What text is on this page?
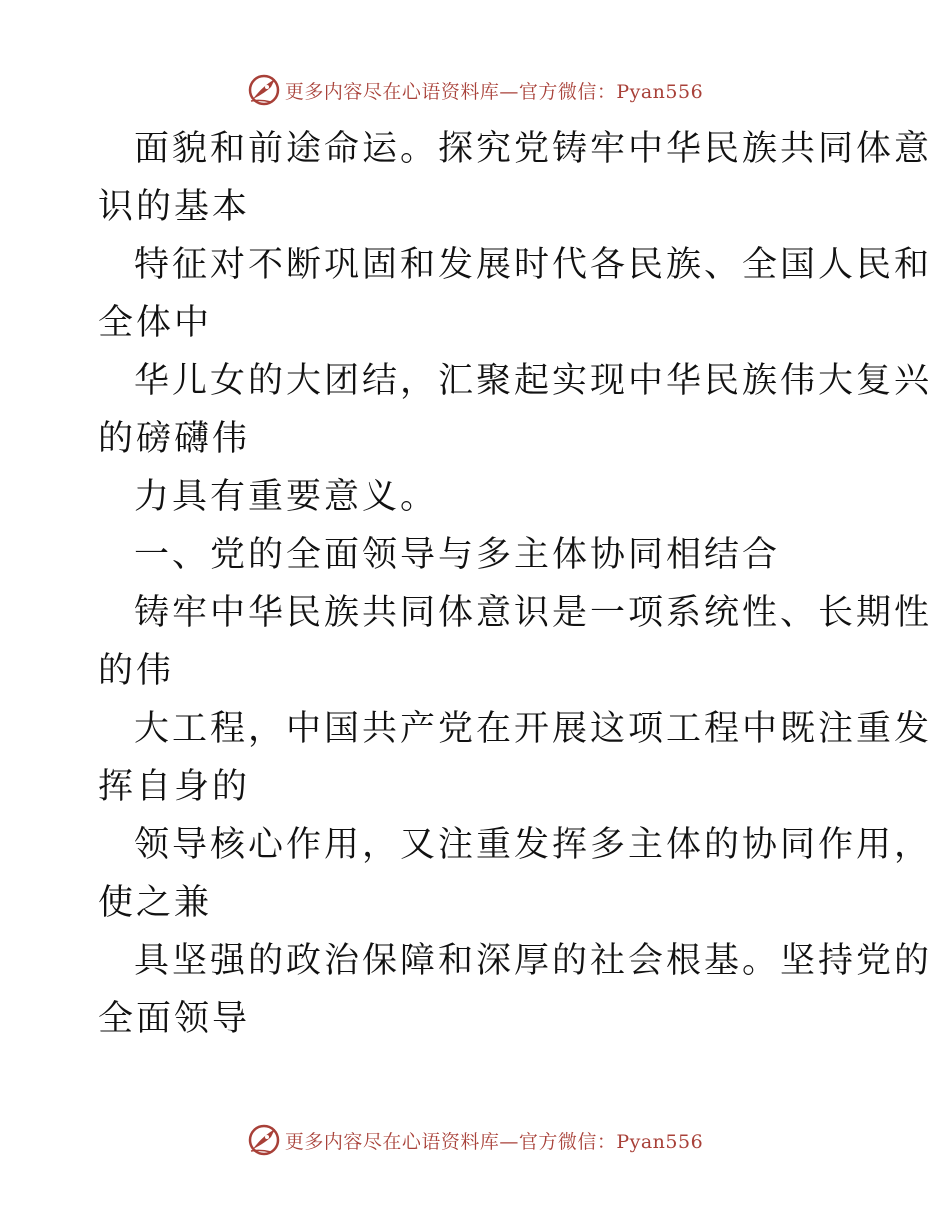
更多内容尽在心语资料库—官方微信：Pyan556
面貌和前途命运。探究党铸牢中华民族共同体意
识的基本
特征对不断巩固和发展时代各民族、全国人民和
全体中
华儿女的大团结，汇聚起实现中华民族伟大复兴
的磅礴伟
力具有重要意义。
一、党的全面领导与多主体协同相结合
铸牢中华民族共同体意识是一项系统性、长期性
的伟
大工程，中国共产党在开展这项工程中既注重发
挥自身的
领导核心作用，又注重发挥多主体的协同作用，
使之兼
具坚强的政治保障和深厚的社会根基。坚持党的
全面领导
更多内容尽在心语资料库—官方微信：Pyan556
